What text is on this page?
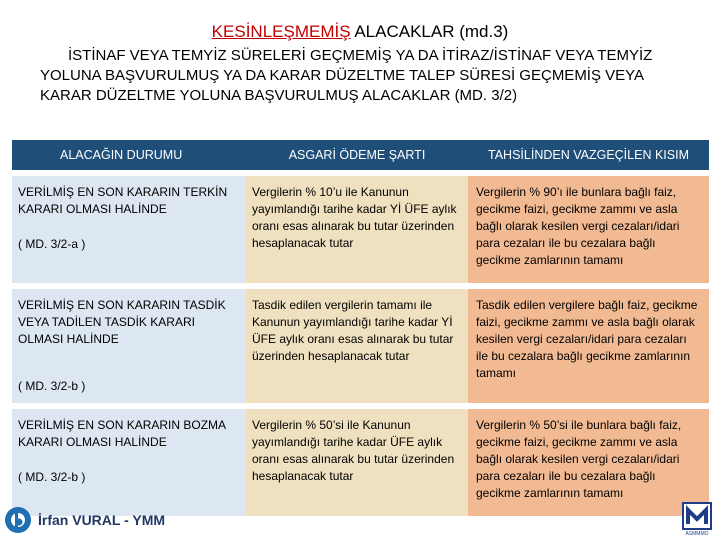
KESİNLEŞMEMİŞ ALACAKLAR (md.3)
İSTİNAF VEYA TEMYİZ SÜRELERİ GEÇMEMİŞ YA DA İTİRAZ/İSTİNAF VEYA TEMYİZ YOLUNA BAŞVURULMUŞ YA DA KARAR DÜZELTME TALEP SÜRESİ GEÇMEMİŞ VEYA KARAR DÜZELTME YOLUNA BAŞVURULMUŞ ALACAKLAR (MD. 3/2)
ALACAĞIN DURUMU	ASGARİ ÖDEME ŞARTI	TAHSİLİNDEN VAZGEÇİLEN KISIM

VERİLMİŞ EN SON KARARIN TERKİN KARARI OLMASI HALİNDE
( MD. 3/2-a )	Vergilerin % 10’u ile Kanunun yayımlandığı tarihe kadar Yİ ÜFE aylık oranı esas alınarak bu tutar üzerinden hesaplanacak tutar	Vergilerin % 90’ı ile bunlara bağlı faiz, gecikme faizi, gecikme zammı ve asla bağlı olarak kesilen vergi cezaları/idari para cezaları ile bu cezalara bağlı gecikme zamlarının tamamı

VERİLMİŞ EN SON KARARIN TASDİK VEYA TADİLEN TASDİK KARARI OLMASI HALİNDE
( MD. 3/2-b )	Tasdik edilen vergilerin tamamı ile Kanunun yayımlandığı tarihe kadar Yİ ÜFE aylık oranı esas alınarak bu tutar üzerinden hesaplanacak tutar	Tasdik edilen vergilere bağlı faiz, gecikme faizi, gecikme zammı ve asla bağlı olarak kesilen vergi cezaları/idari para cezaları ile bu cezalara bağlı gecikme zamlarının tamamı

VERİLMİŞ EN SON KARARIN BOZMA KARARI OLMASI HALİNDE
( MD. 3/2-b )	Vergilerin % 50’si ile Kanunun yayımlandığı tarihe kadar ÜFE aylık oranı esas alınarak bu tutar üzerinden hesaplanacak tutar	Vergilerin % 50’si ile bunlara bağlı faiz, gecikme faizi, gecikme zammı ve asla bağlı olarak kesilen vergi cezaları/idari para cezaları ile bu cezalara bağlı gecikme zamlarının tamamı
İrfan VURAL - YMM
ASMMMO
